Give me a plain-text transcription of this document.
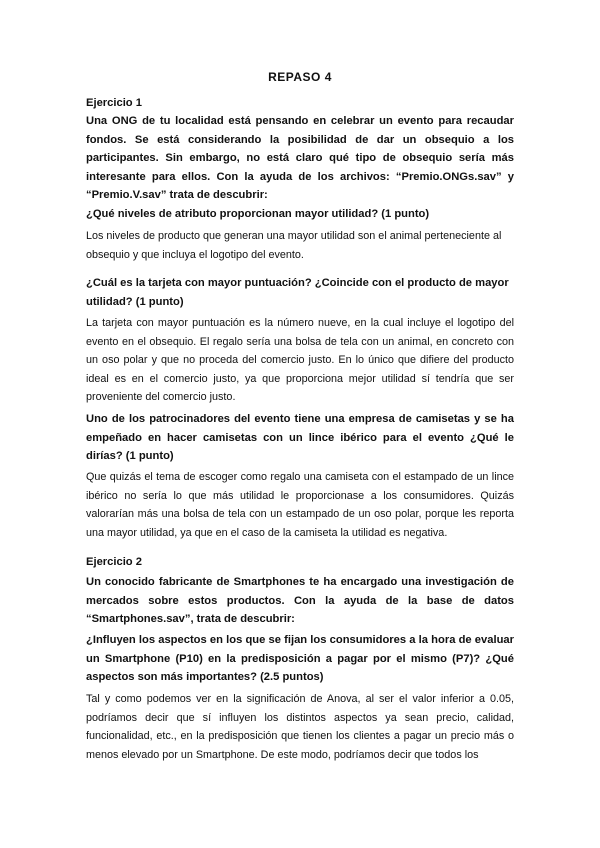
REPASO 4

Ejercicio 1

Una ONG de tu localidad está pensando en celebrar un evento para recaudar fondos. Se está considerando la posibilidad de dar un obsequio a los participantes. Sin embargo, no está claro qué tipo de obsequio sería más interesante para ellos. Con la ayuda de los archivos: “Premio.ONGs.sav” y “Premio.V.sav” trata de descubrir:

¿Qué niveles de atributo proporcionan mayor utilidad? (1 punto)

Los niveles de producto que generan una mayor utilidad son el animal perteneciente al obsequio y que incluya el logotipo del evento.

¿Cuál es la tarjeta con mayor puntuación? ¿Coincide con el producto de mayor utilidad? (1 punto)

La tarjeta con mayor puntuación es la número nueve, en la cual incluye el logotipo del evento en el obsequio. El regalo sería una bolsa de tela con un animal, en concreto con un oso polar y que no proceda del comercio justo. En lo único que difiere del producto ideal es en el comercio justo, ya que proporciona mejor utilidad sí tendría que ser proveniente del comercio justo.

Uno de los patrocinadores del evento tiene una empresa de camisetas y se ha empeñado en hacer camisetas con un lince ibérico para el evento ¿Qué le dirías? (1 punto)

Que quizás el tema de escoger como regalo una camiseta con el estampado de un lince ibérico no sería lo que más utilidad le proporcionase a los consumidores. Quizás valorarían más una bolsa de tela con un estampado de un oso polar, porque les reporta una mayor utilidad, ya que en el caso de la camiseta la utilidad es negativa.

Ejercicio 2

Un conocido fabricante de Smartphones te ha encargado una investigación de mercados sobre estos productos. Con la ayuda de la base de datos “Smartphones.sav”, trata de descubrir:

¿Influyen los aspectos en los que se fijan los consumidores a la hora de evaluar un Smartphone (P10) en la predisposición a pagar por el mismo (P7)? ¿Qué aspectos son más importantes? (2.5 puntos)

Tal y como podemos ver en la significación de Anova, al ser el valor inferior a 0.05, podríamos decir que sí influyen los distintos aspectos ya sean precio, calidad, funcionalidad, etc., en la predisposición que tienen los clientes a pagar un precio más o menos elevado por un Smartphone. De este modo, podríamos decir que todos los
